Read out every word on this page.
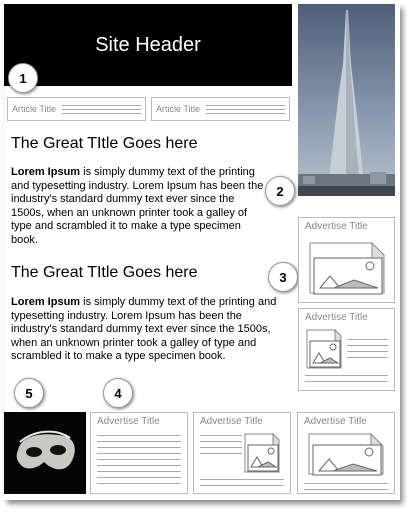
Site Header
1
Article Title	Article Title
The Great TItle Goes here
Lorem Ipsum is simply dummy text of the printing and typesetting industry. Lorem Ipsum has been the industry's standard dummy text ever since the 1500s, when an unknown printer took a galley of type and scrambled it to make a type specimen book.
2
The Great TItle Goes here
Lorem Ipsum is simply dummy text of the printing and typesetting industry. Lorem Ipsum has been the industry's standard dummy text ever since the 1500s, when an unknown printer took a galley of type and scrambled it to make a type specimen book.
3
Advertise Title
Advertise Title
5	4
Advertise Title	Advertise Title	Advertise Title
